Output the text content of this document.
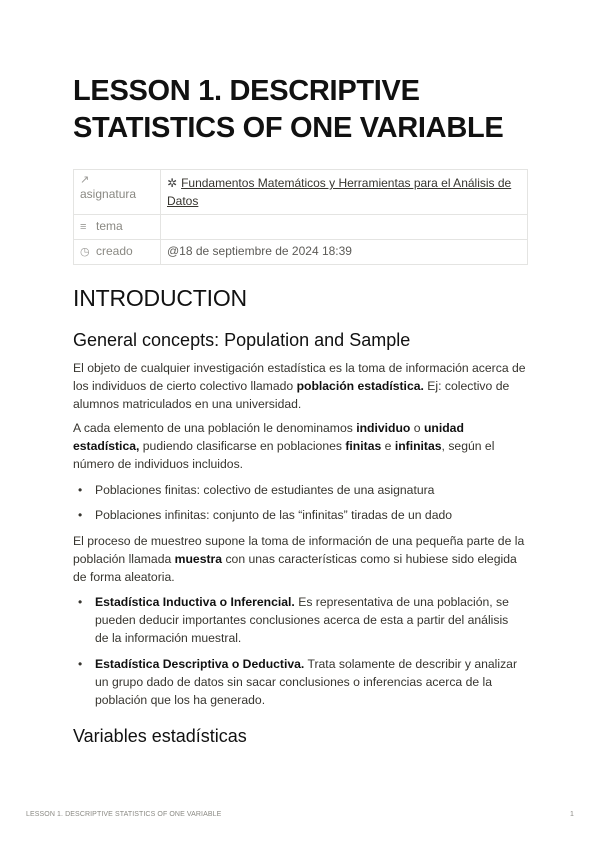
LESSON 1. DESCRIPTIVE STATISTICS OF ONE VARIABLE
↗
asignatura	✲ Fundamentos Matemáticos y Herramientas para el Análisis de Datos
≡ tema	
◷ creado	@18 de septiembre de 2024 18:39
INTRODUCTION
General concepts: Population and Sample

El objeto de cualquier investigación estadística es la toma de información acerca de los individuos de cierto colectivo llamado población estadística. Ej: colectivo de alumnos matriculados en una universidad.

A cada elemento de una población le denominamos individuo o unidad estadística, pudiendo clasificarse en poblaciones finitas e infinitas, según el número de individuos incluidos.

• Poblaciones finitas: colectivo de estudiantes de una asignatura
• Poblaciones infinitas: conjunto de las “infinitas” tiradas de un dado

El proceso de muestreo supone la toma de información de una pequeña parte de la población llamada muestra con unas características como si hubiese sido elegida de forma aleatoria.

• Estadística Inductiva o Inferencial. Es representativa de una población, se pueden deducir importantes conclusiones acerca de esta a partir del análisis de la información muestral.
• Estadística Descriptiva o Deductiva. Trata solamente de describir y analizar un grupo dado de datos sin sacar conclusiones o inferencias acerca de la población que los ha generado.
Variables estadísticas
LESSON 1. DESCRIPTIVE STATISTICS OF ONE VARIABLE	1
